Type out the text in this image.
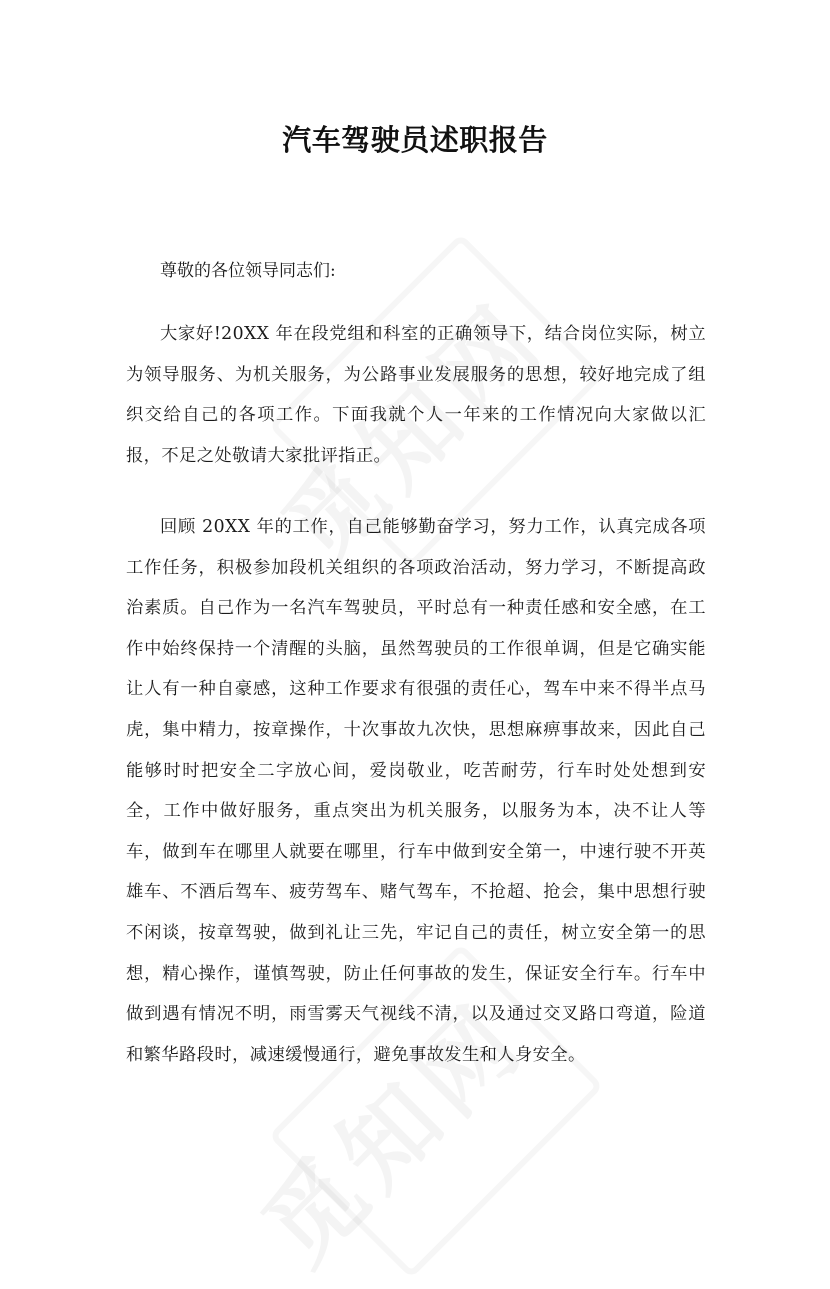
汽车驾驶员述职报告
尊敬的各位领导同志们:

大家好!20XX 年在段党组和科室的正确领导下，结合岗位实际，树立为领导服务、为机关服务，为公路事业发展服务的思想，较好地完成了组织交给自己的各项工作。下面我就个人一年来的工作情况向大家做以汇报，不足之处敬请大家批评指正。

回顾 20XX 年的工作，自己能够勤奋学习，努力工作，认真完成各项工作任务，积极参加段机关组织的各项政治活动，努力学习，不断提高政治素质。自己作为一名汽车驾驶员，平时总有一种责任感和安全感，在工作中始终保持一个清醒的头脑，虽然驾驶员的工作很单调，但是它确实能让人有一种自豪感，这种工作要求有很强的责任心，驾车中来不得半点马虎，集中精力，按章操作，十次事故九次快，思想麻痹事故来，因此自己能够时时把安全二字放心间，爱岗敬业，吃苦耐劳，行车时处处想到安全，工作中做好服务，重点突出为机关服务，以服务为本，决不让人等车，做到车在哪里人就要在哪里，行车中做到安全第一，中速行驶不开英雄车、不酒后驾车、疲劳驾车、赌气驾车，不抢超、抢会，集中思想行驶不闲谈，按章驾驶，做到礼让三先，牢记自己的责任，树立安全第一的思想，精心操作，谨慎驾驶，防止任何事故的发生，保证安全行车。行车中做到遇有情况不明，雨雪雾天气视线不清，以及通过交叉路口弯道，险道和繁华路段时，减速缓慢通行，避免事故发生和人身安全。
